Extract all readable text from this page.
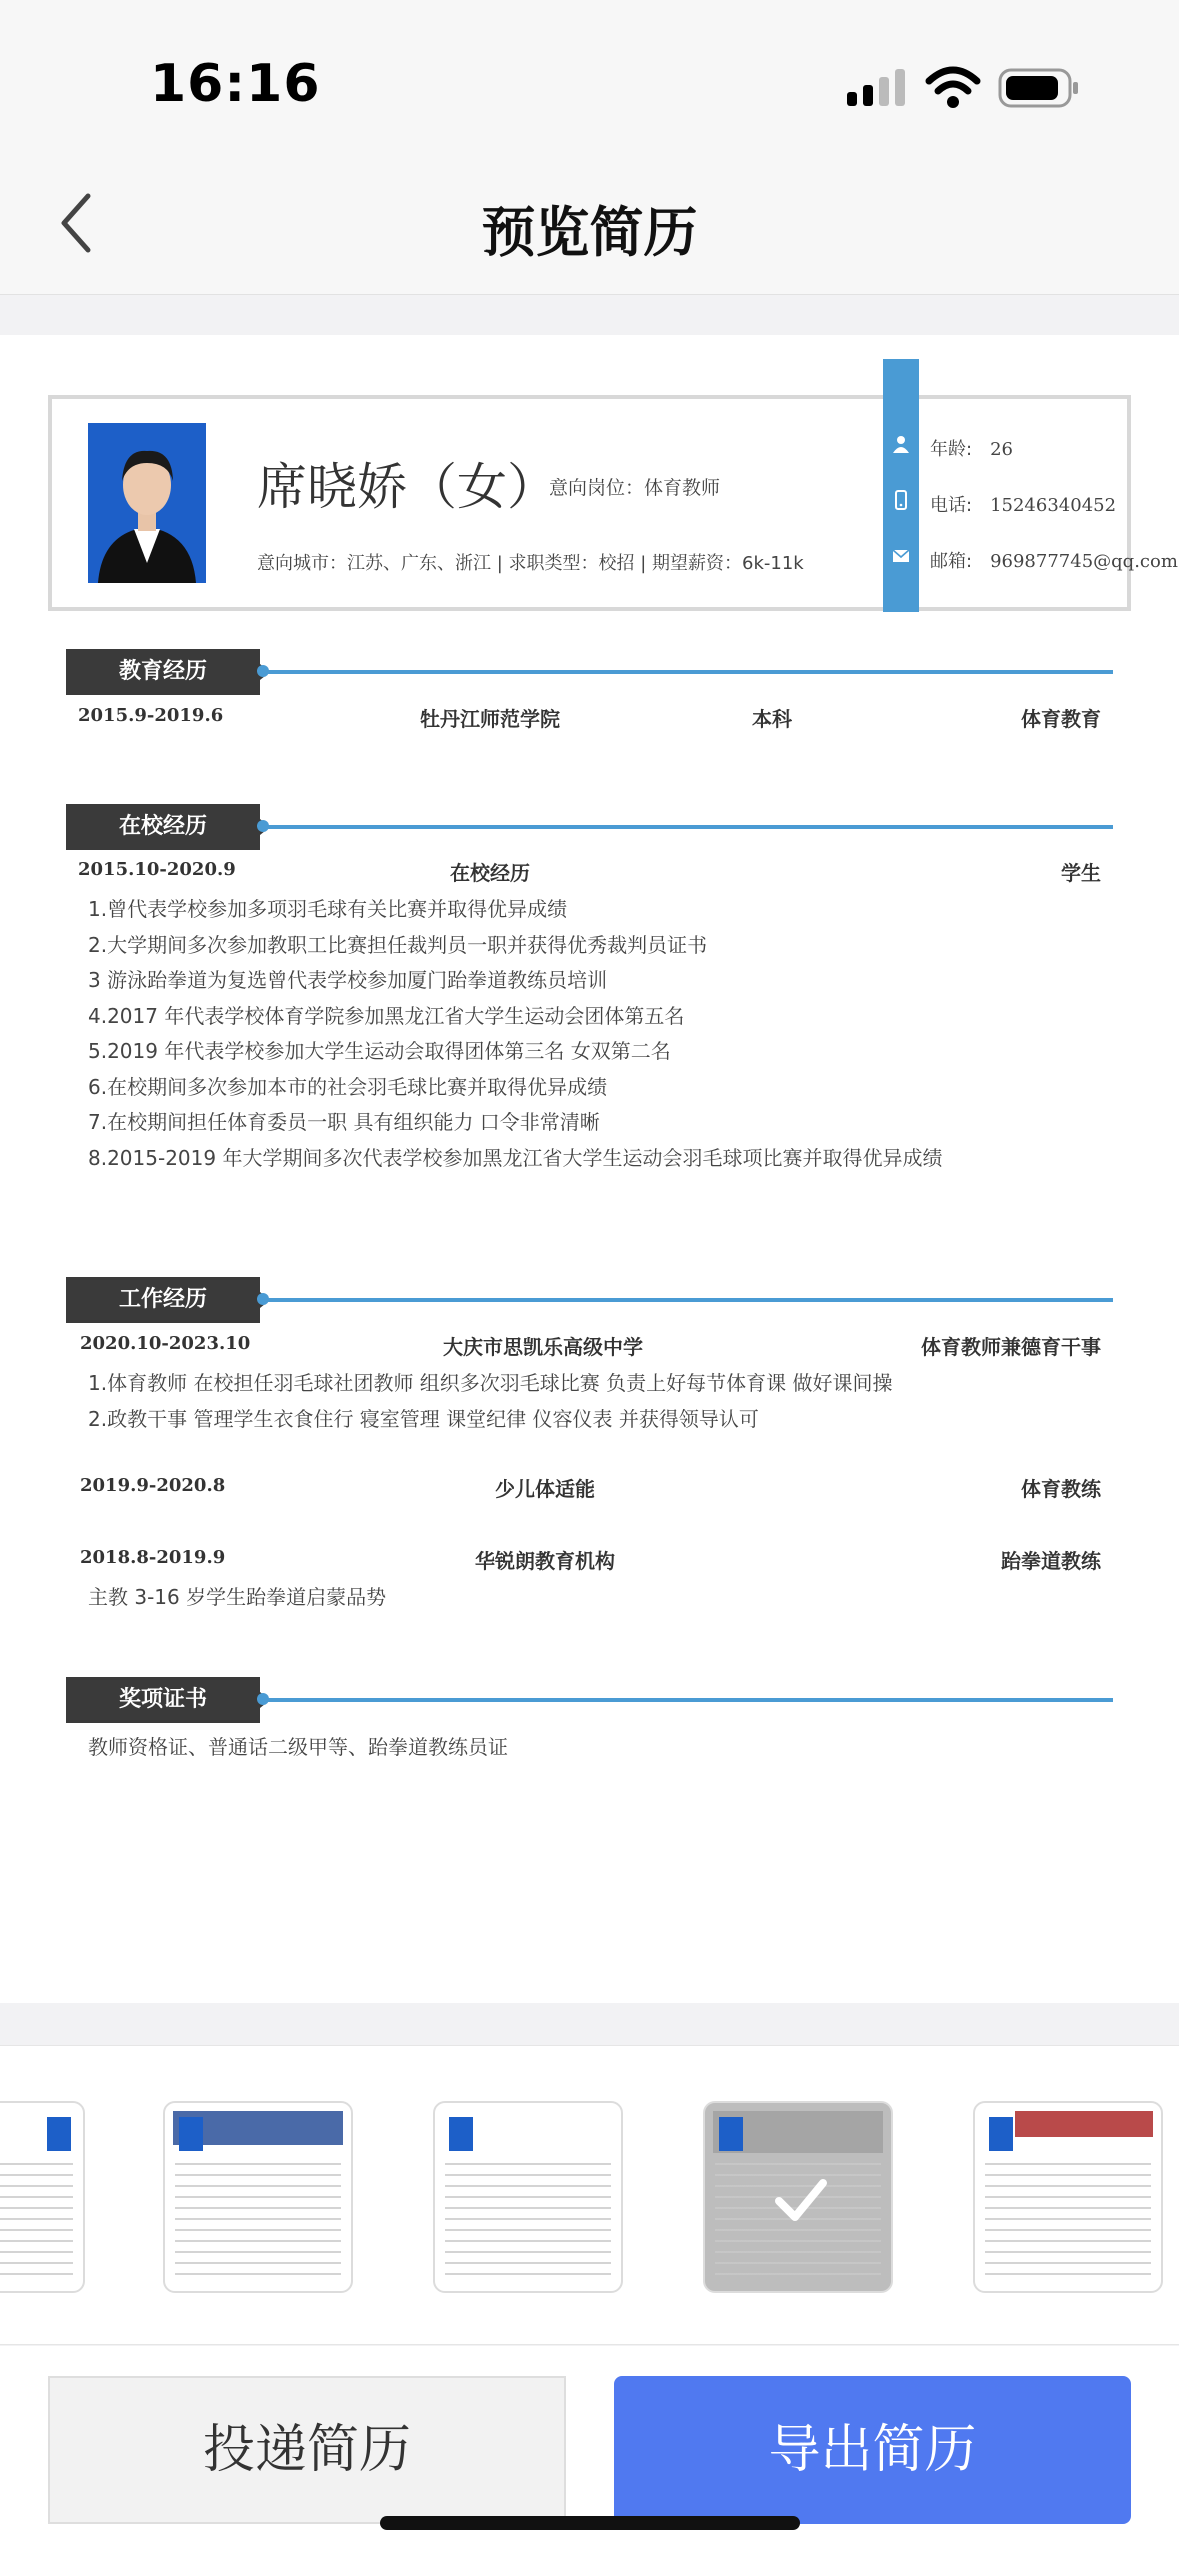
16:16
预览简历
席晓娇（女）
意向岗位：体育教师
意向城市：江苏、广东、浙江 | 求职类型：校招 | 期望薪资：6k-11k
年龄: 26
电话: 15246340452
邮箱: 969877745@qq.com
教育经历
2015.9-2019.6	牡丹江师范学院	本科	体育教育
在校经历
2015.10-2020.9	在校经历	学生
1.曾代表学校参加多项羽毛球有关比赛并取得优异成绩
2.大学期间多次参加教职工比赛担任裁判员一职并获得优秀裁判员证书
3 游泳跆拳道为复选曾代表学校参加厦门跆拳道教练员培训
4.2017 年代表学校体育学院参加黑龙江省大学生运动会团体第五名
5.2019 年代表学校参加大学生运动会取得团体第三名 女双第二名
6.在校期间多次参加本市的社会羽毛球比赛并取得优异成绩
7.在校期间担任体育委员一职 具有组织能力 口令非常清晰
8.2015-2019 年大学期间多次代表学校参加黑龙江省大学生运动会羽毛球项比赛并取得优异成绩
工作经历
2020.10-2023.10	大庆市思凯乐高级中学	体育教师兼德育干事
1.体育教师 在校担任羽毛球社团教师 组织多次羽毛球比赛 负责上好每节体育课 做好课间操
2.政教干事 管理学生衣食住行 寝室管理 课堂纪律 仪容仪表 并获得领导认可
2019.9-2020.8	少儿体适能	体育教练
2018.8-2019.9	华锐朗教育机构	跆拳道教练
主教 3-16 岁学生跆拳道启蒙品势
奖项证书
教师资格证、普通话二级甲等、跆拳道教练员证
投递简历	导出简历
